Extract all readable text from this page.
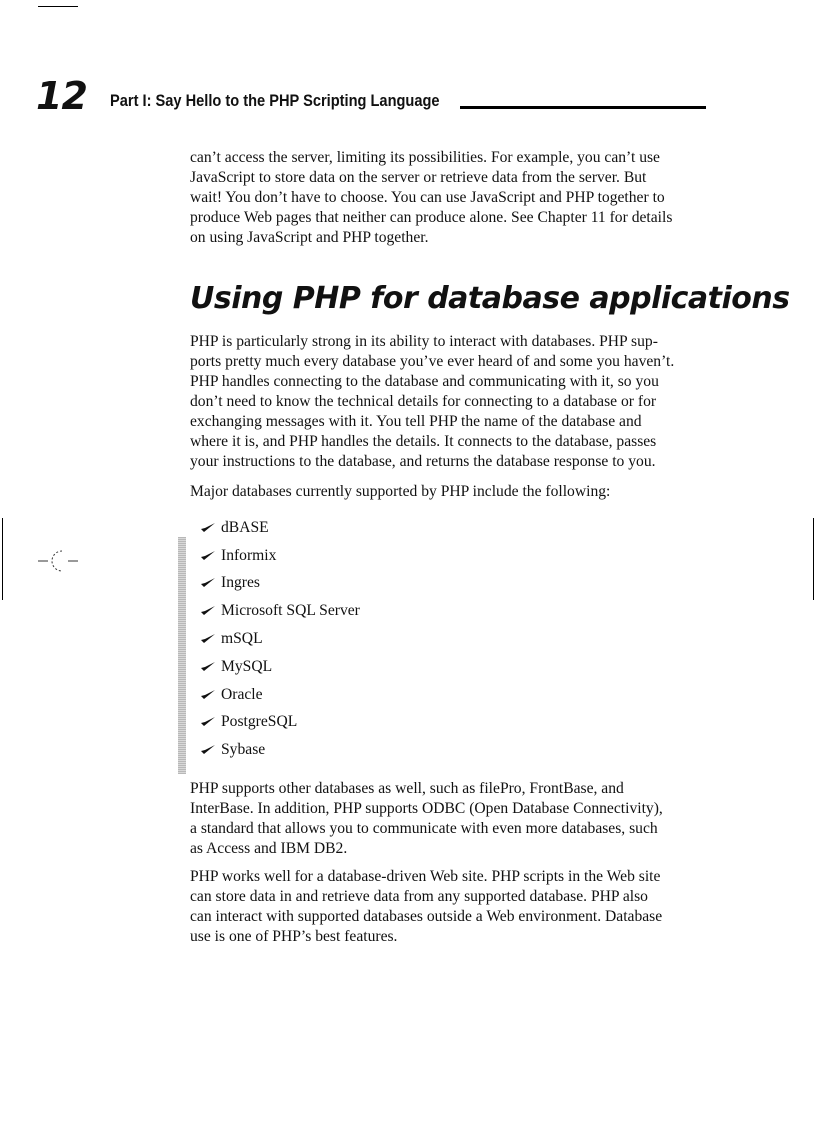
12 Part I: Say Hello to the PHP Scripting Language

can’t access the server, limiting its possibilities. For example, you can’t use

JavaScript to store data on the server or retrieve data from the server. But

wait! You don’t have to choose. You can use JavaScript and PHP together to

produce Web pages that neither can produce alone. See Chapter 11 for details

on using JavaScript and PHP together.

Using PHP for database applications

PHP is particularly strong in its ability to interact with databases. PHP sup-

ports pretty much every database you’ve ever heard of and some you haven’t.

PHP handles connecting to the database and communicating with it, so you

don’t need to know the technical details for connecting to a database or for

exchanging messages with it. You tell PHP the name of the database and

where it is, and PHP handles the details. It connects to the database, passes

your instructions to the database, and returns the database response to you.

Major databases currently supported by PHP include the following:

dBASE
Informix
Ingres
Microsoft SQL Server
mSQL
MySQL
Oracle
PostgreSQL
Sybase

PHP supports other databases as well, such as filePro, FrontBase, and

InterBase. In addition, PHP supports ODBC (Open Database Connectivity),

a standard that allows you to communicate with even more databases, such

as Access and IBM DB2.

PHP works well for a database-driven Web site. PHP scripts in the Web site

can store data in and retrieve data from any supported database. PHP also

can interact with supported databases outside a Web environment. Database

use is one of PHP’s best features.
